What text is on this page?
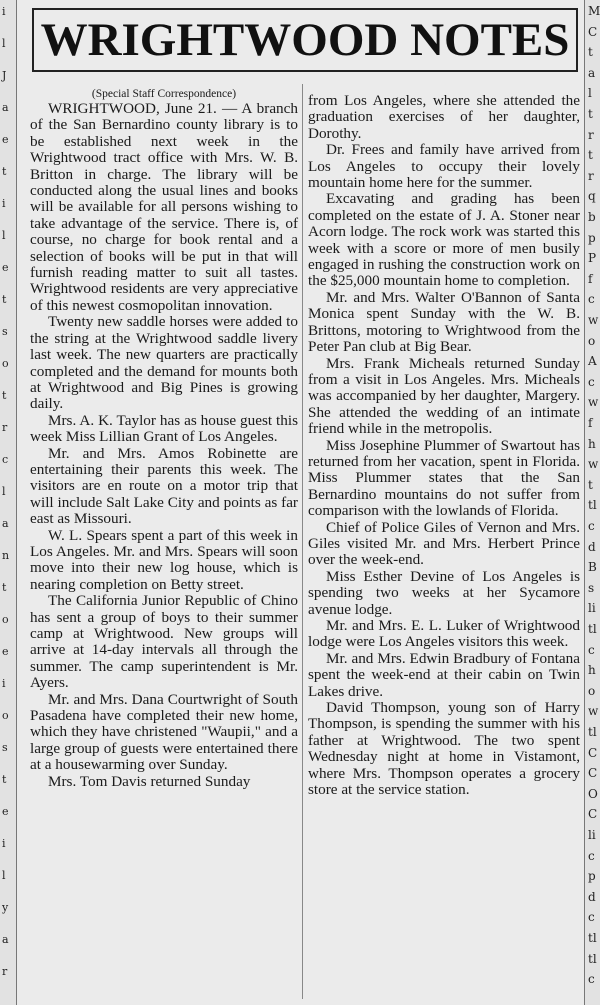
i
l
J
a
e
t
i
l
e
t
s
o
t
r
c
l
a
n
t
o
e
i
o
s
t
e
i
l
y
a
r
M
C
t
a
l
t
r
t
r
q
b
p
P
f
c
w
o
A
c
w
f
h
w
t
tl
c
d
B
s
li
tl
c
h
o
w
tl
C
C
O
C
li
c
p
d
c
tl
tl
c
WRIGHTWOOD NOTES

(Special Staff Correspondence)

WRIGHTWOOD, June 21. — A branch of the San Bernardino county library is to be established next week in the Wrightwood tract office with Mrs. W. B. Britton in charge. The library will be conducted along the usual lines and books will be available for all persons wishing to take advantage of the service. There is, of course, no charge for book rental and a selection of books will be put in that will furnish reading matter to suit all tastes. Wrightwood residents are very appreciative of this newest cosmopolitan innovation.

Twenty new saddle horses were added to the string at the Wrightwood saddle livery last week. The new quarters are practically completed and the demand for mounts both at Wrightwood and Big Pines is growing daily.

Mrs. A. K. Taylor has as house guest this week Miss Lillian Grant of Los Angeles.

Mr. and Mrs. Amos Robinette are entertaining their parents this week. The visitors are en route on a motor trip that will include Salt Lake City and points as far east as Missouri.

W. L. Spears spent a part of this week in Los Angeles. Mr. and Mrs. Spears will soon move into their new log house, which is nearing completion on Betty street.

The California Junior Republic of Chino has sent a group of boys to their summer camp at Wrightwood. New groups will arrive at 14-day intervals all through the summer. The camp superintendent is Mr. Ayers.

Mr. and Mrs. Dana Courtwright of South Pasadena have completed their new home, which they have christened "Waupii," and a large group of guests were entertained there at a housewarming over Sunday.

Mrs. Tom Davis returned Sunday

from Los Angeles, where she attended the graduation exercises of her daughter, Dorothy.

Dr. Frees and family have arrived from Los Angeles to occupy their lovely mountain home here for the summer.

Excavating and grading has been completed on the estate of J. A. Stoner near Acorn lodge. The rock work was started this week with a score or more of men busily engaged in rushing the construction work on the $25,000 mountain home to completion.

Mr. and Mrs. Walter O'Bannon of Santa Monica spent Sunday with the W. B. Brittons, motoring to Wrightwood from the Peter Pan club at Big Bear.

Mrs. Frank Micheals returned Sunday from a visit in Los Angeles. Mrs. Micheals was accompanied by her daughter, Margery. She attended the wedding of an intimate friend while in the metropolis.

Miss Josephine Plummer of Swartout has returned from her vacation, spent in Florida. Miss Plummer states that the San Bernardino mountains do not suffer from comparison with the lowlands of Florida.

Chief of Police Giles of Vernon and Mrs. Giles visited Mr. and Mrs. Herbert Prince over the week-end.

Miss Esther Devine of Los Angeles is spending two weeks at her Sycamore avenue lodge.

Mr. and Mrs. E. L. Luker of Wrightwood lodge were Los Angeles visitors this week.

Mr. and Mrs. Edwin Bradbury of Fontana spent the week-end at their cabin on Twin Lakes drive.

David Thompson, young son of Harry Thompson, is spending the summer with his father at Wrightwood. The two spent Wednesday night at home in Vistamont, where Mrs. Thompson operates a grocery store at the service station.
